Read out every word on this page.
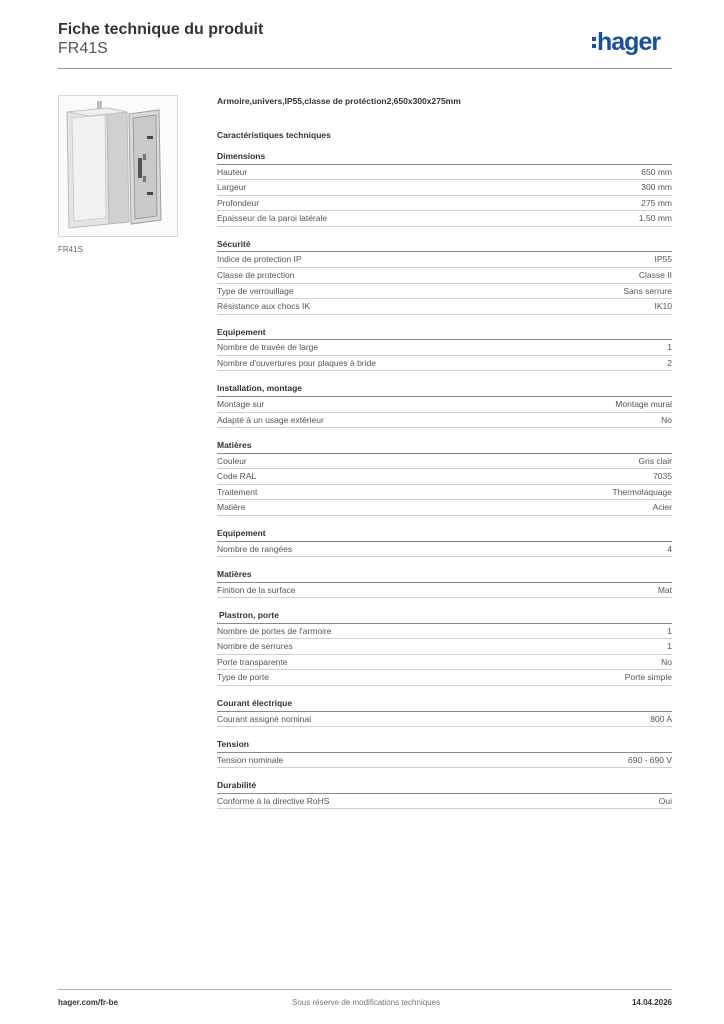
Fiche technique du produit
FR41S	hager
FR41S
Armoire,univers,IP55,classe de protéction2,650x300x275mm
Caractéristiques techniques
Dimensions
Hauteur	650 mm
Largeur	300 mm
Profondeur	275 mm
Epaisseur de la paroi latérale	1,50 mm
Sécurité
Indice de protection IP	IP55
Classe de protection	Classe II
Type de verrouillage	Sans serrure
Résistance aux chocs IK	IK10
Equipement
Nombre de travée de large	1
Nombre d'ouvertures pour plaques à bride	2
Installation, montage
Montage sur	Montage mural
Adapté à un usage extérieur	No
Matières
Couleur	Gris clair
Code RAL	7035
Traitement	Thermolaquage
Matière	Acier
Equipement
Nombre de rangées	4
Matières
Finition de la surface	Mat
Plastron, porte
Nombre de portes de l'armoire	1
Nombre de serrures	1
Porte transparente	No
Type de porte	Porte simple
Courant électrique
Courant assigné nominal	800 A
Tension
Tension nominale	690 - 690 V
Durabilité
Conforme à la directive RoHS	Oui
hager.com/fr-be	Sous réserve de modifications techniques	14.04.2026
